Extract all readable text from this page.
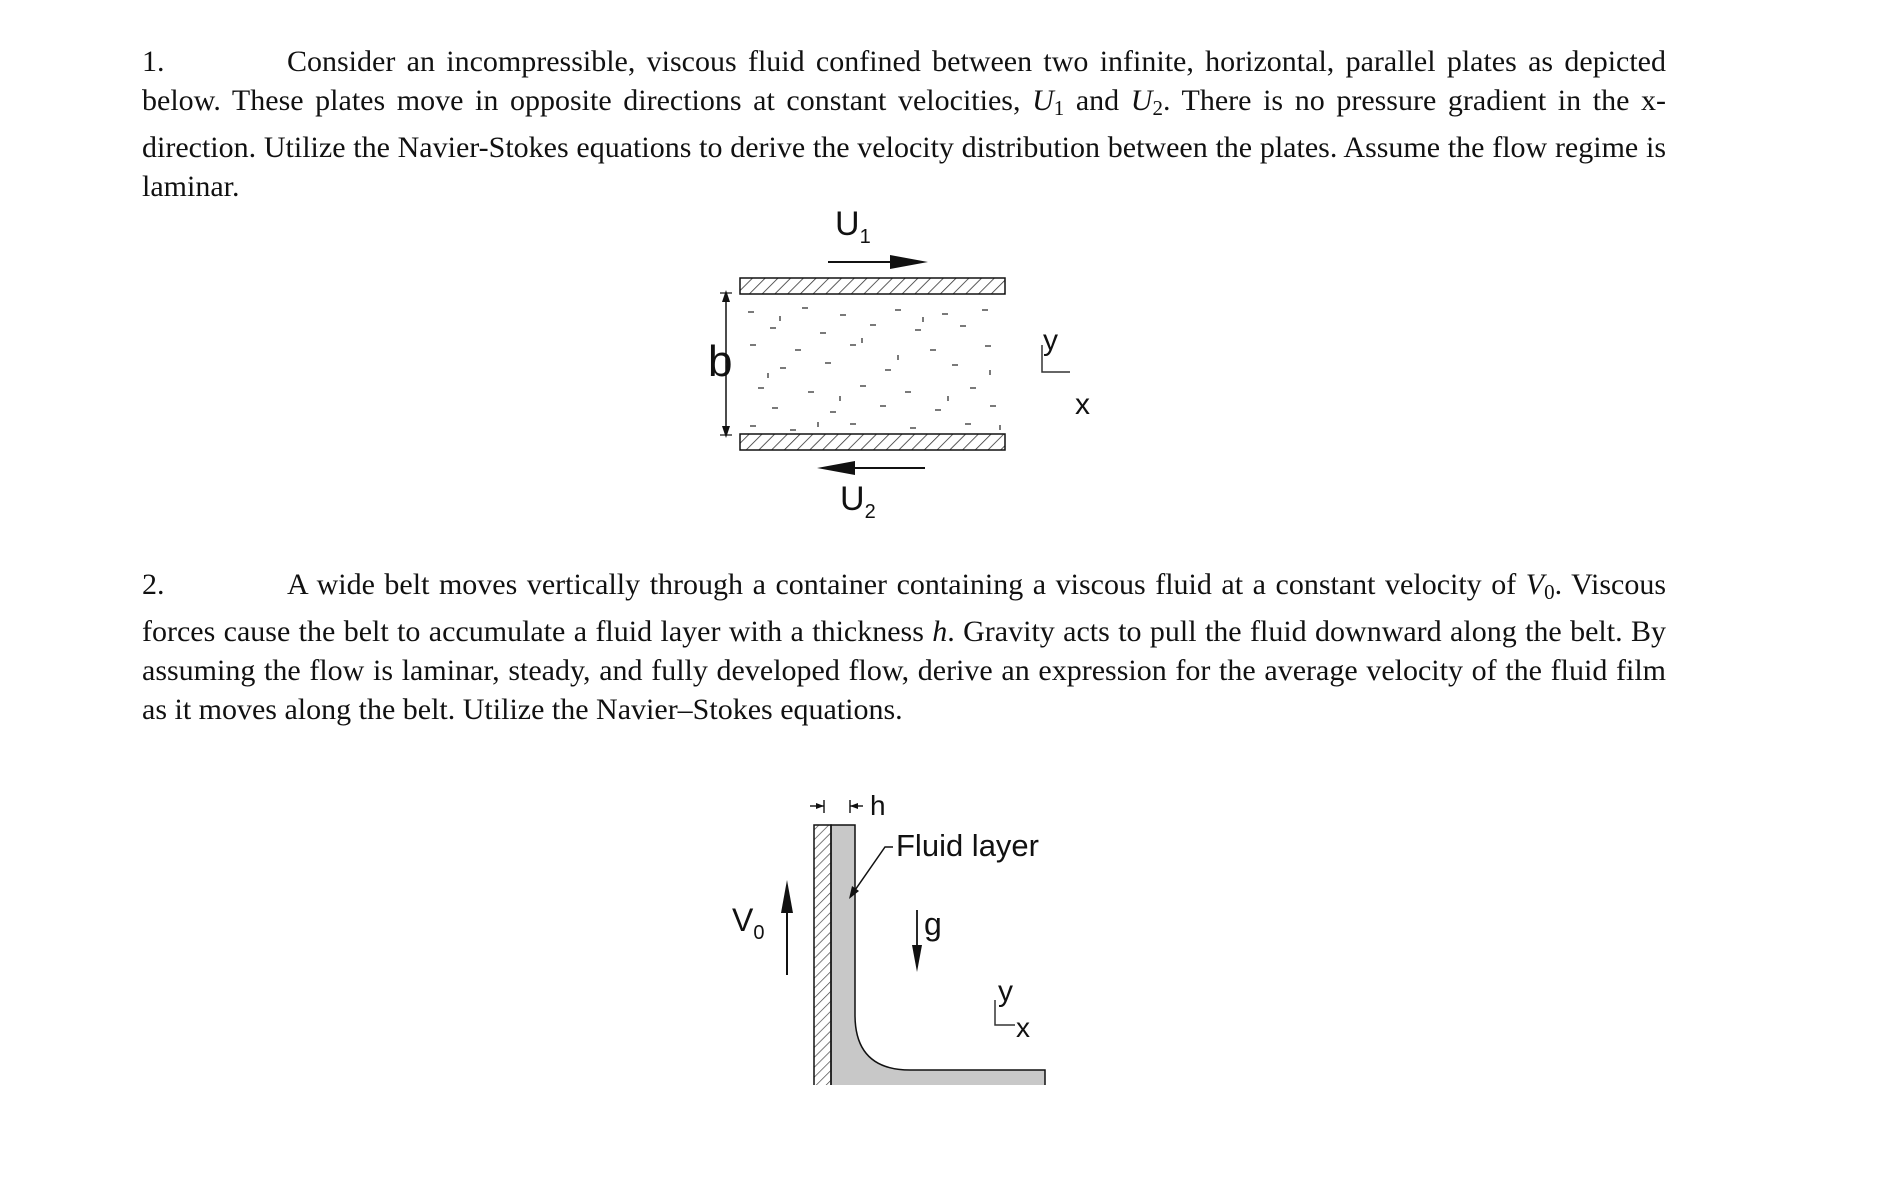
1.	Consider an incompressible, viscous fluid confined between two infinite, horizontal, parallel plates as depicted below. These plates move in opposite directions at constant velocities, $U_1$ and $U_2$. There is no pressure gradient in the x-direction. Utilize the Navier-Stokes equations to derive the velocity distribution between the plates. Assume the flow regime is laminar.
$U_1$
b	y
x
$U_2$
2.	A wide belt moves vertically through a container containing a viscous fluid at a constant velocity of $V_0$. Viscous forces cause the belt to accumulate a fluid layer with a thickness h. Gravity acts to pull the fluid downward along the belt. By assuming the flow is laminar, steady, and fully developed flow, derive an expression for the average velocity of the fluid film as it moves along the belt. Utilize the Navier–Stokes equations.
h
Fluid layer
$V_0$	g
y
x
